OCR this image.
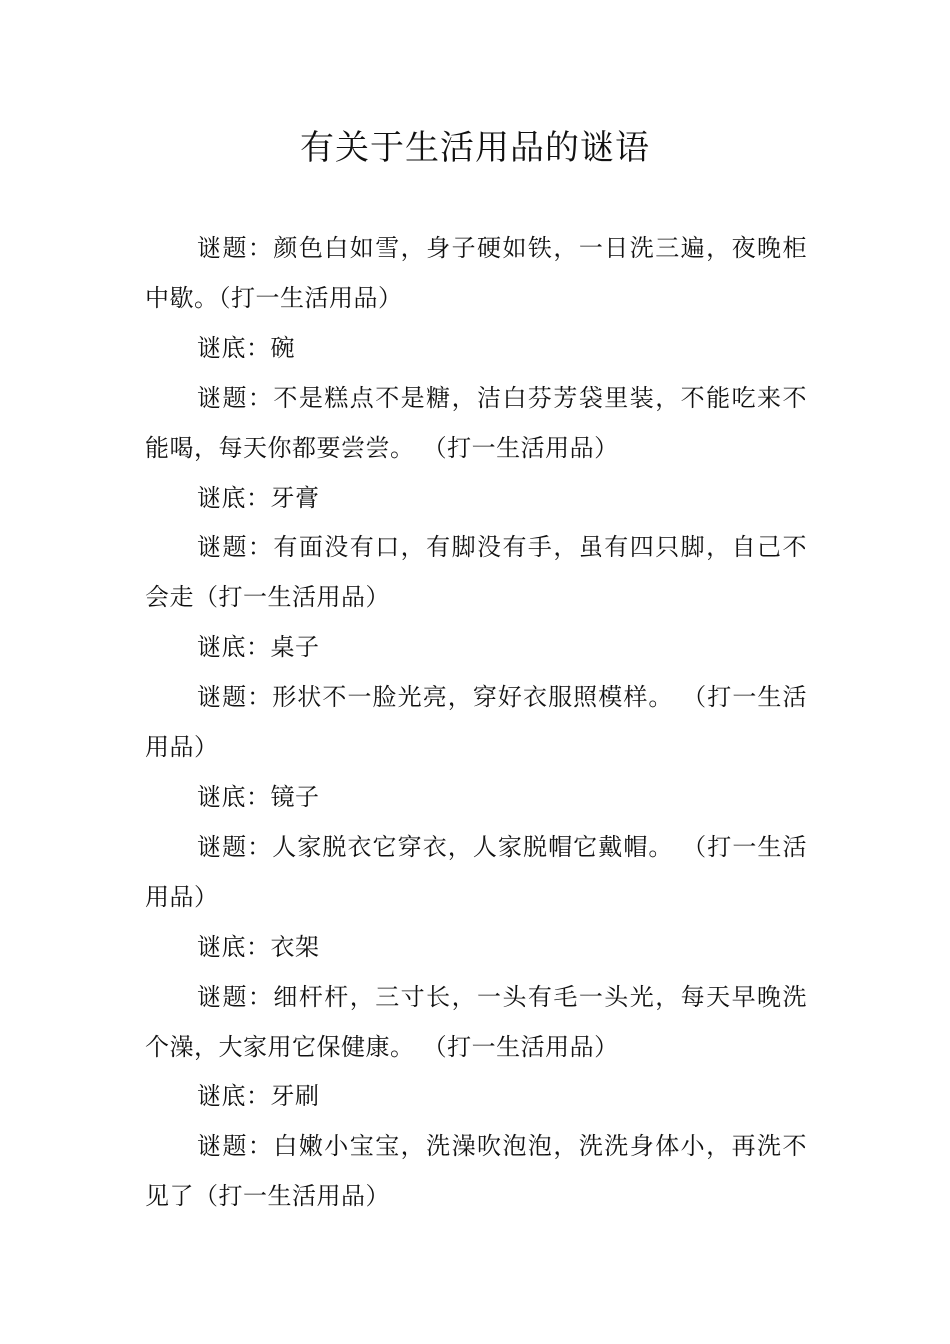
有关于生活用品的谜语

谜题：颜色白如雪，身子硬如铁，一日洗三遍，夜晚柜中歇。（打一生活用品）

谜底：碗

谜题：不是糕点不是糖，洁白芬芳袋里装，不能吃来不能喝，每天你都要尝尝。 （打一生活用品）

谜底：牙膏

谜题：有面没有口，有脚没有手，虽有四只脚，自己不会走（打一生活用品）

谜底：桌子

谜题：形状不一脸光亮，穿好衣服照模样。 （打一生活用品）

谜底：镜子

谜题：人家脱衣它穿衣，人家脱帽它戴帽。 （打一生活用品）

谜底：衣架

谜题：细杆杆，三寸长，一头有毛一头光，每天早晚洗个澡，大家用它保健康。 （打一生活用品）

谜底：牙刷

谜题：白嫩小宝宝，洗澡吹泡泡，洗洗身体小，再洗不见了（打一生活用品）
